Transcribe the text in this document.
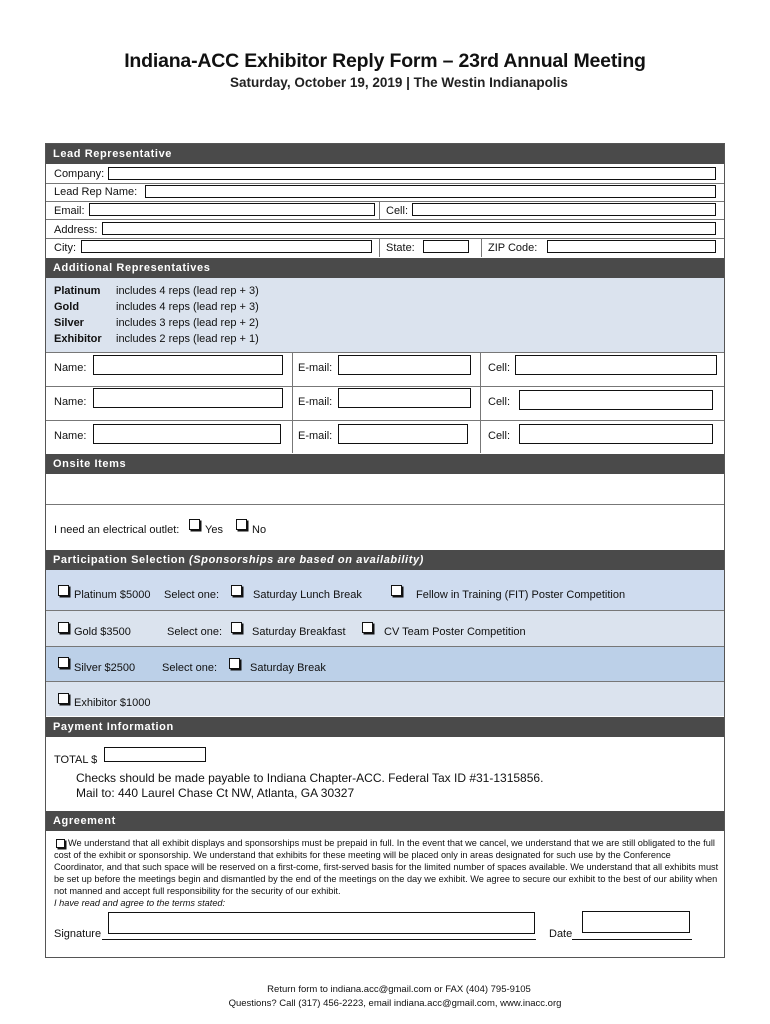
Indiana-ACC Exhibitor Reply Form – 23rd Annual Meeting
Saturday, October 19, 2019 | The Westin Indianapolis
Lead Representative
Company:
Lead Rep Name:
Email:	Cell:
Address:
City:	State:	ZIP Code:
Additional Representatives
Platinum includes 4 reps (lead rep + 3)
Gold	includes 4 reps (lead rep + 3)
Silver	includes 3 reps (lead rep + 2)
Exhibitor includes 2 reps (lead rep + 1)
Name:	E-mail:	Cell:
Name:	E-mail:	Cell:
Name:	E-mail:	Cell:
Onsite Items
I need an electrical outlet: Yes	No
Participation Selection (Sponsorships are based on availability)
Platinum $5000 Select one:	Saturday Lunch Break	Fellow in Training (FIT) Poster Competition
Gold $3500	Select one:	Saturday Breakfast	CV Team Poster Competition
Silver $2500 Select one:	Saturday Break
Exhibitor $1000
Payment Information
TOTAL $
Checks should be made payable to Indiana Chapter-ACC. Federal Tax ID #31-1315856.
Mail to: 440 Laurel Chase Ct NW, Atlanta, GA 30327
Agreement
We understand that all exhibit displays and sponsorships must be prepaid in full. In the event that we cancel, we understand that we are still obligated to the full cost of the exhibit or sponsorship. We understand that exhibits for these meeting will be placed only in areas designated for such use by the Conference Coordinator, and that such space will be reserved on a first-come, first-served basis for the limited number of spaces available. We understand that all exhibits must be set up before the meetings begin and dismantled by the end of the meetings on the day we exhibit. We agree to secure our exhibit to the best of our ability when not manned and accept full responsibility for the security of our exhibit.
I have read and agree to the terms stated:
Signature	Date
Return form to indiana.acc@gmail.com or FAX (404) 795-9105
Questions? Call (317) 456-2223, email indiana.acc@gmail.com, www.inacc.org
